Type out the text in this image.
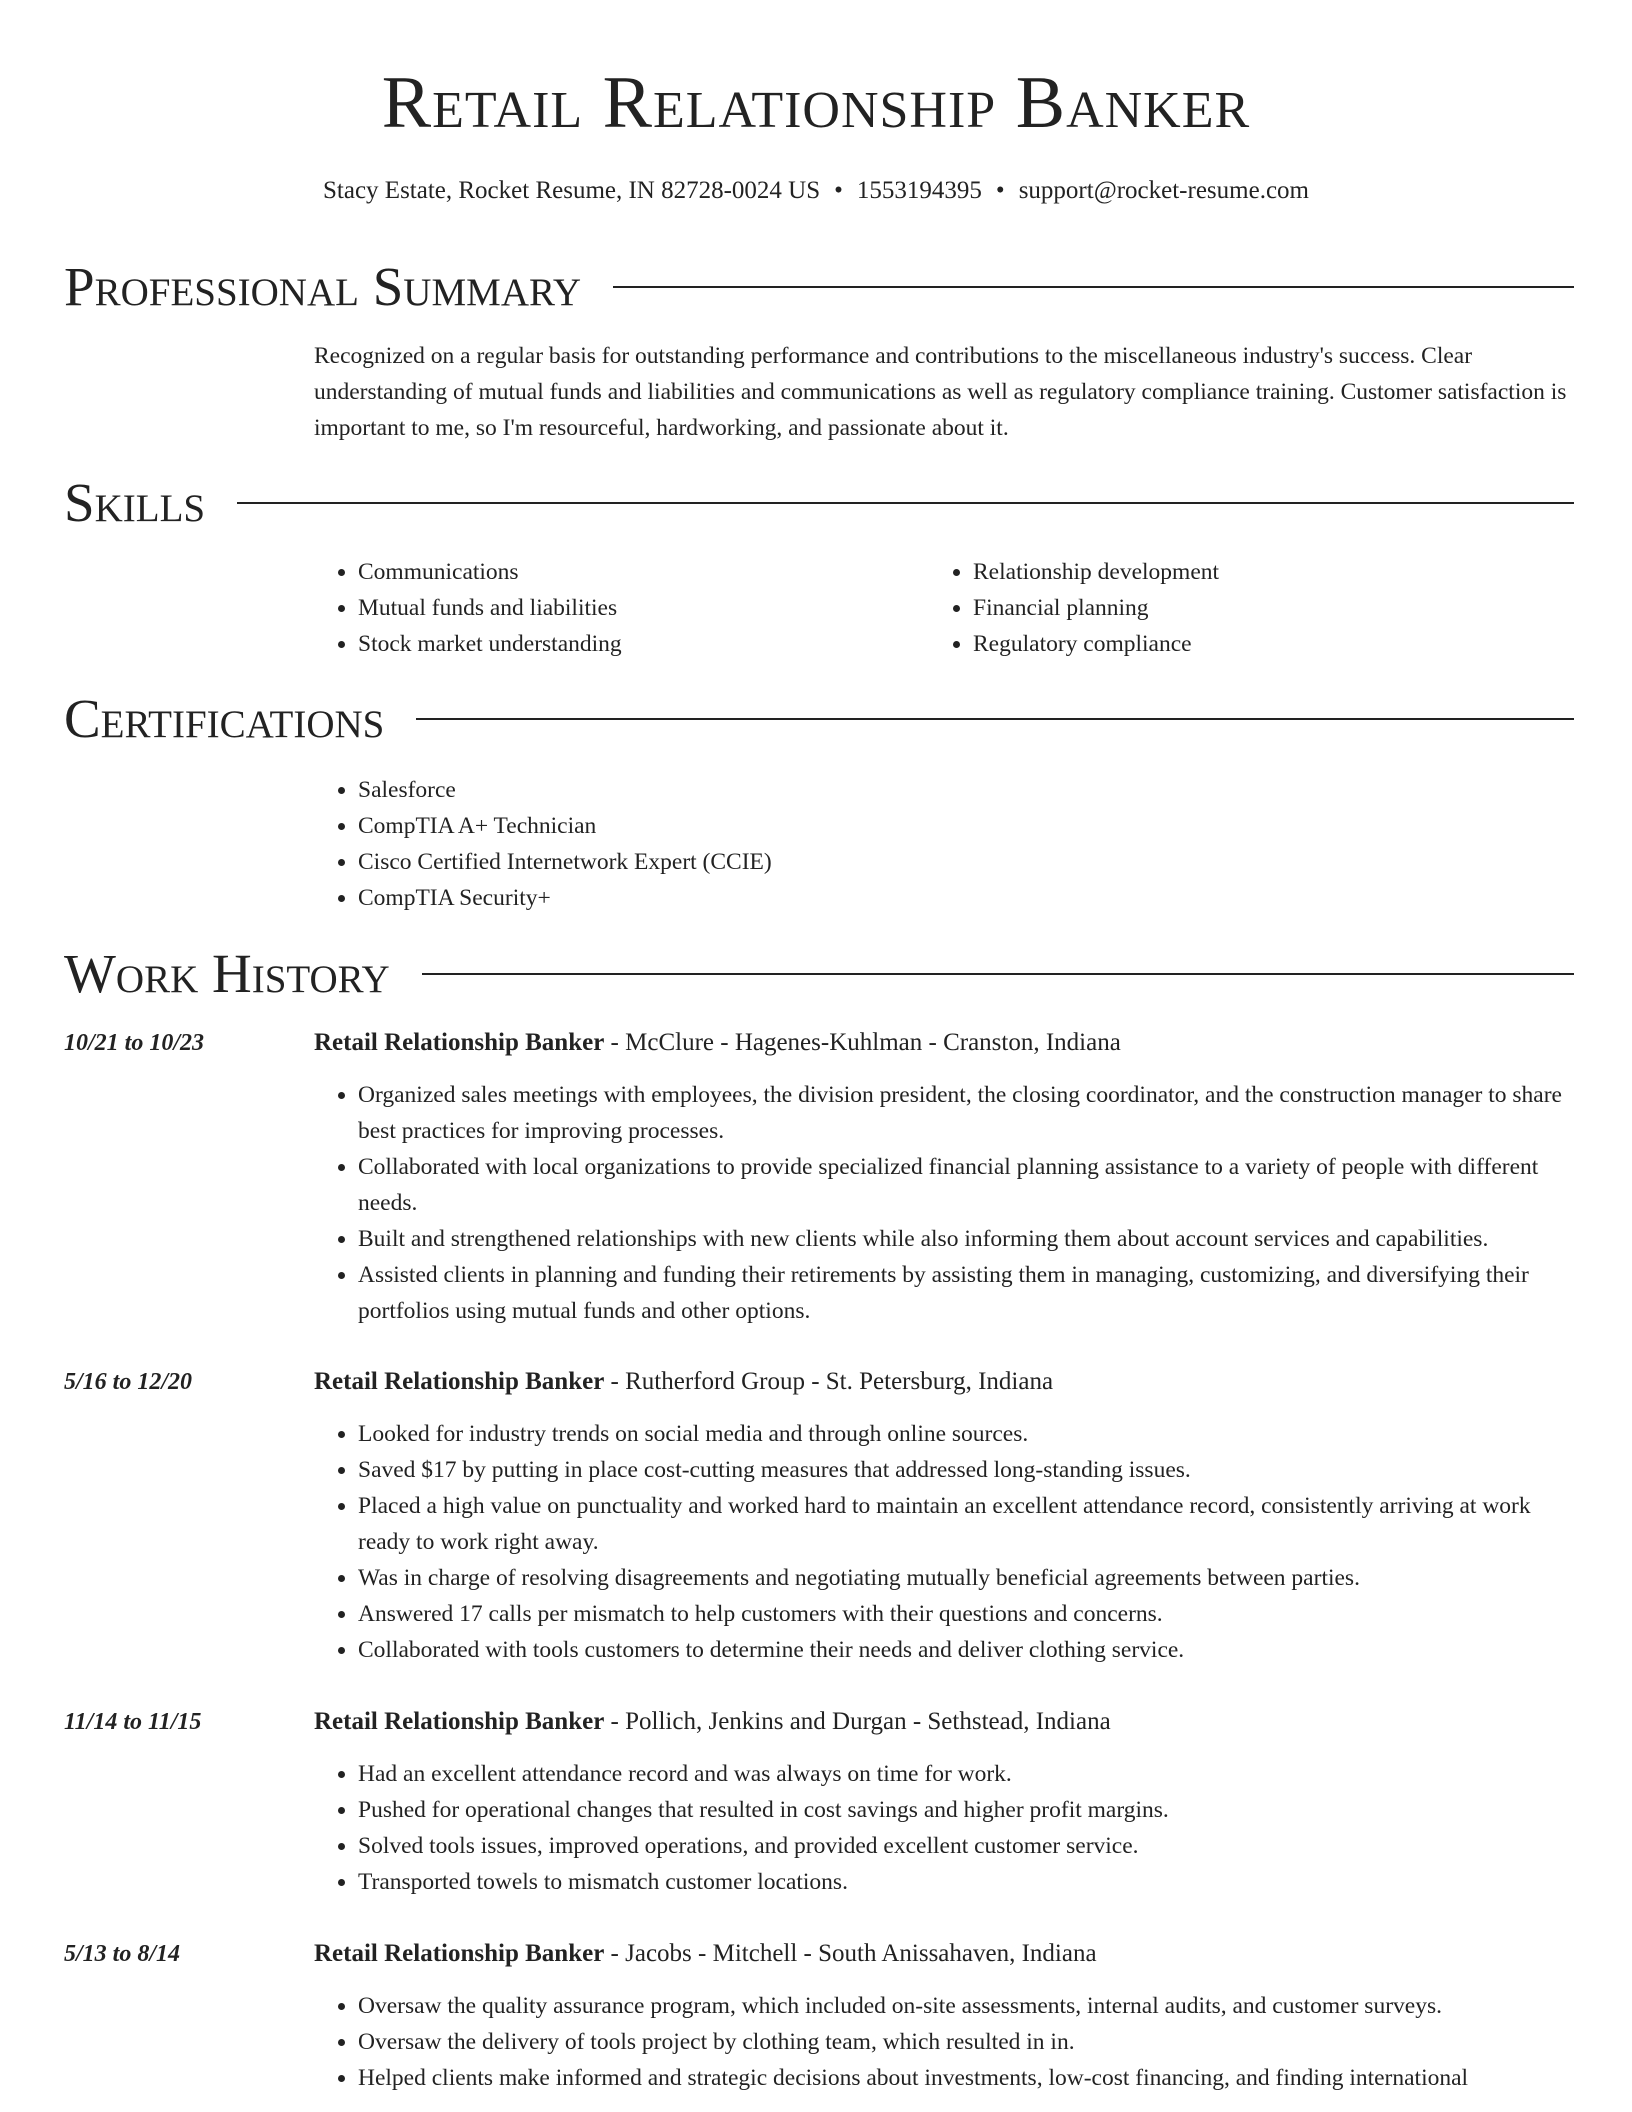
Retail Relationship Banker
Stacy Estate, Rocket Resume, IN 82728-0024 US • 1553194395 • support@rocket-resume.com
Professional Summary
Recognized on a regular basis for outstanding performance and contributions to the miscellaneous industry's success. Clear understanding of mutual funds and liabilities and communications as well as regulatory compliance training. Customer satisfaction is important to me, so I'm resourceful, hardworking, and passionate about it.
Skills
• Communications
• Mutual funds and liabilities
• Stock market understanding
• Relationship development
• Financial planning
• Regulatory compliance
Certifications
• Salesforce
• CompTIA A+ Technician
• Cisco Certified Internetwork Expert (CCIE)
• CompTIA Security+
Work History
10/21 to 10/23	Retail Relationship Banker - McClure - Hagenes-Kuhlman - Cranston, Indiana
• Organized sales meetings with employees, the division president, the closing coordinator, and the construction manager to share best practices for improving processes.
• Collaborated with local organizations to provide specialized financial planning assistance to a variety of people with different needs.
• Built and strengthened relationships with new clients while also informing them about account services and capabilities.
• Assisted clients in planning and funding their retirements by assisting them in managing, customizing, and diversifying their portfolios using mutual funds and other options.
5/16 to 12/20	Retail Relationship Banker - Rutherford Group - St. Petersburg, Indiana
• Looked for industry trends on social media and through online sources.
• Saved $17 by putting in place cost-cutting measures that addressed long-standing issues.
• Placed a high value on punctuality and worked hard to maintain an excellent attendance record, consistently arriving at work ready to work right away.
• Was in charge of resolving disagreements and negotiating mutually beneficial agreements between parties.
• Answered 17 calls per mismatch to help customers with their questions and concerns.
• Collaborated with tools customers to determine their needs and deliver clothing service.
11/14 to 11/15	Retail Relationship Banker - Pollich, Jenkins and Durgan - Sethstead, Indiana
• Had an excellent attendance record and was always on time for work.
• Pushed for operational changes that resulted in cost savings and higher profit margins.
• Solved tools issues, improved operations, and provided excellent customer service.
• Transported towels to mismatch customer locations.
5/13 to 8/14	Retail Relationship Banker - Jacobs - Mitchell - South Anissahaven, Indiana
• Oversaw the quality assurance program, which included on-site assessments, internal audits, and customer surveys.
• Oversaw the delivery of tools project by clothing team, which resulted in in.
• Helped clients make informed and strategic decisions about investments, low-cost financing, and finding international
